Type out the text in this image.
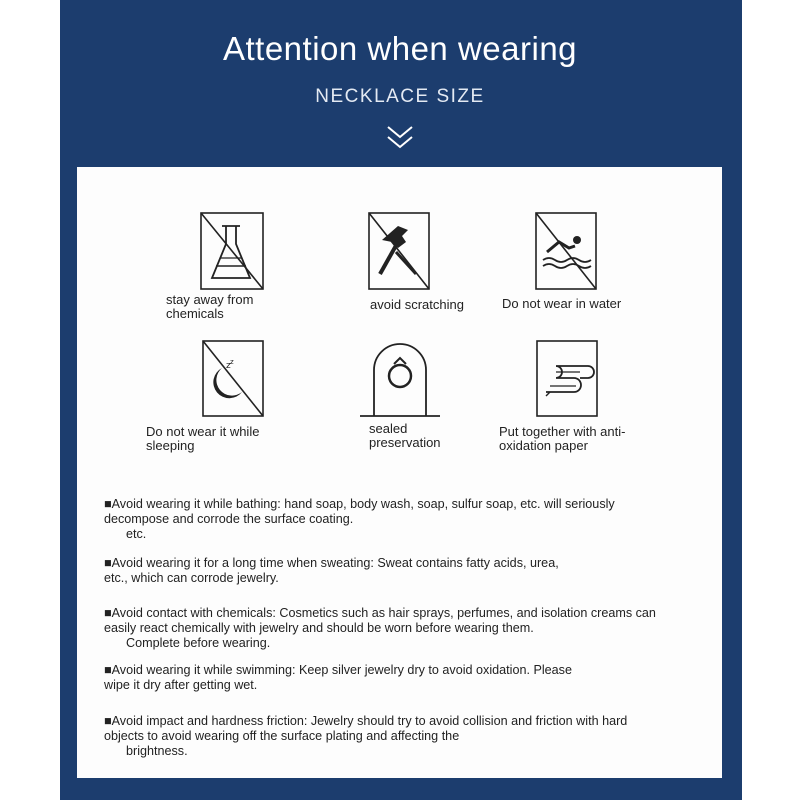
Attention when wearing
NECKLACE SIZE
stay away from
chemicals
avoid scratching	Do not wear in water
z z
Do not wear it while
sleeping
sealed
preservation
Put together with anti-
oxidation paper
■Avoid wearing it while bathing: hand soap, body wash, soap, sulfur soap, etc. will seriously
decompose and corrode the surface coating.

etc.
■Avoid wearing it for a long time when sweating: Sweat contains fatty acids, urea,
etc., which can corrode jewelry.
■Avoid contact with chemicals: Cosmetics such as hair sprays, perfumes, and isolation creams can
easily react chemically with jewelry and should be worn before wearing them.

Complete before wearing.
■Avoid wearing it while swimming: Keep silver jewelry dry to avoid oxidation. Please
wipe it dry after getting wet.
■Avoid impact and hardness friction: Jewelry should try to avoid collision and friction with hard
objects to avoid wearing off the surface plating and affecting the

brightness.
